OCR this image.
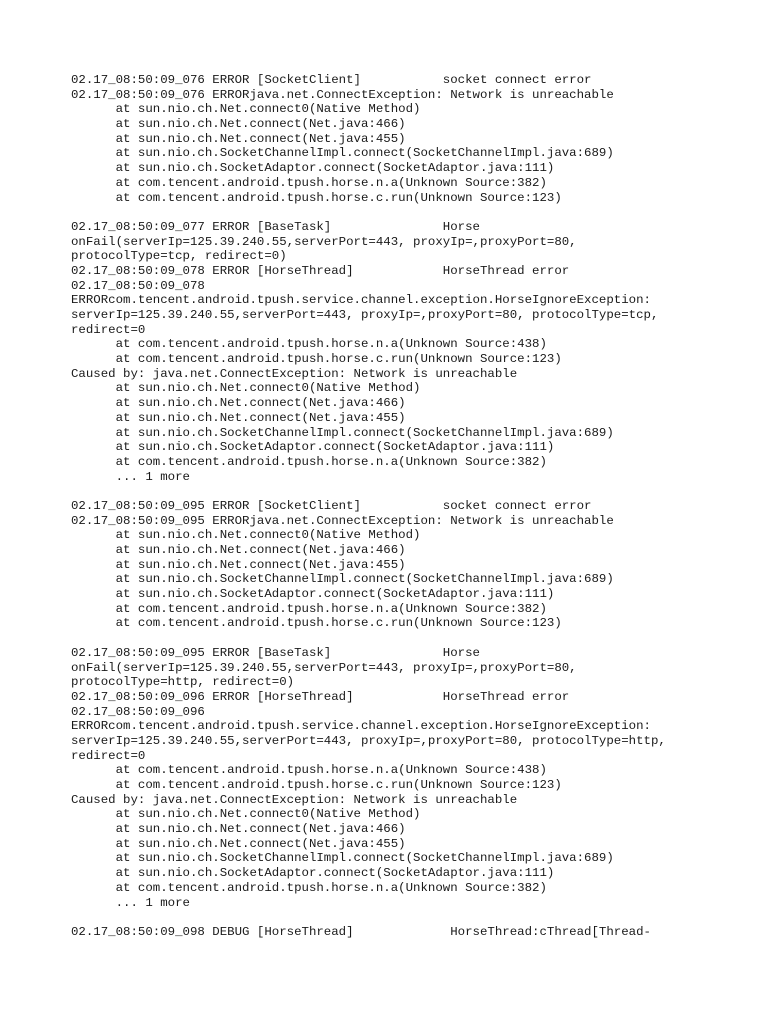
02.17_08:50:09_076 ERROR [SocketClient]           socket connect error
02.17_08:50:09_076 ERRORjava.net.ConnectException: Network is unreachable
at sun.nio.ch.Net.connect0(Native Method)
at sun.nio.ch.Net.connect(Net.java:466)
at sun.nio.ch.Net.connect(Net.java:455)
at sun.nio.ch.SocketChannelImpl.connect(SocketChannelImpl.java:689)
at sun.nio.ch.SocketAdaptor.connect(SocketAdaptor.java:111)
at com.tencent.android.tpush.horse.n.a(Unknown Source:382)
at com.tencent.android.tpush.horse.c.run(Unknown Source:123)
02.17_08:50:09_077 ERROR [BaseTask]               Horse
onFail(serverIp=125.39.240.55,serverPort=443, proxyIp=,proxyPort=80,
protocolType=tcp, redirect=0)
02.17_08:50:09_078 ERROR [HorseThread]            HorseThread error
02.17_08:50:09_078
ERRORcom.tencent.android.tpush.service.channel.exception.HorseIgnoreException:
serverIp=125.39.240.55,serverPort=443, proxyIp=,proxyPort=80, protocolType=tcp,
redirect=0
at com.tencent.android.tpush.horse.n.a(Unknown Source:438)
at com.tencent.android.tpush.horse.c.run(Unknown Source:123)
Caused by: java.net.ConnectException: Network is unreachable
at sun.nio.ch.Net.connect0(Native Method)
at sun.nio.ch.Net.connect(Net.java:466)
at sun.nio.ch.Net.connect(Net.java:455)
at sun.nio.ch.SocketChannelImpl.connect(SocketChannelImpl.java:689)
at sun.nio.ch.SocketAdaptor.connect(SocketAdaptor.java:111)
at com.tencent.android.tpush.horse.n.a(Unknown Source:382)
... 1 more
02.17_08:50:09_095 ERROR [SocketClient]           socket connect error
02.17_08:50:09_095 ERRORjava.net.ConnectException: Network is unreachable
at sun.nio.ch.Net.connect0(Native Method)
at sun.nio.ch.Net.connect(Net.java:466)
at sun.nio.ch.Net.connect(Net.java:455)
at sun.nio.ch.SocketChannelImpl.connect(SocketChannelImpl.java:689)
at sun.nio.ch.SocketAdaptor.connect(SocketAdaptor.java:111)
at com.tencent.android.tpush.horse.n.a(Unknown Source:382)
at com.tencent.android.tpush.horse.c.run(Unknown Source:123)
02.17_08:50:09_095 ERROR [BaseTask]               Horse
onFail(serverIp=125.39.240.55,serverPort=443, proxyIp=,proxyPort=80,
protocolType=http, redirect=0)
02.17_08:50:09_096 ERROR [HorseThread]            HorseThread error
02.17_08:50:09_096
ERRORcom.tencent.android.tpush.service.channel.exception.HorseIgnoreException:
serverIp=125.39.240.55,serverPort=443, proxyIp=,proxyPort=80, protocolType=http,
redirect=0
at com.tencent.android.tpush.horse.n.a(Unknown Source:438)
at com.tencent.android.tpush.horse.c.run(Unknown Source:123)
Caused by: java.net.ConnectException: Network is unreachable
at sun.nio.ch.Net.connect0(Native Method)
at sun.nio.ch.Net.connect(Net.java:466)
at sun.nio.ch.Net.connect(Net.java:455)
at sun.nio.ch.SocketChannelImpl.connect(SocketChannelImpl.java:689)
at sun.nio.ch.SocketAdaptor.connect(SocketAdaptor.java:111)
at com.tencent.android.tpush.horse.n.a(Unknown Source:382)
... 1 more
02.17_08:50:09_098 DEBUG [HorseThread]             HorseThread:cThread[Thread-
